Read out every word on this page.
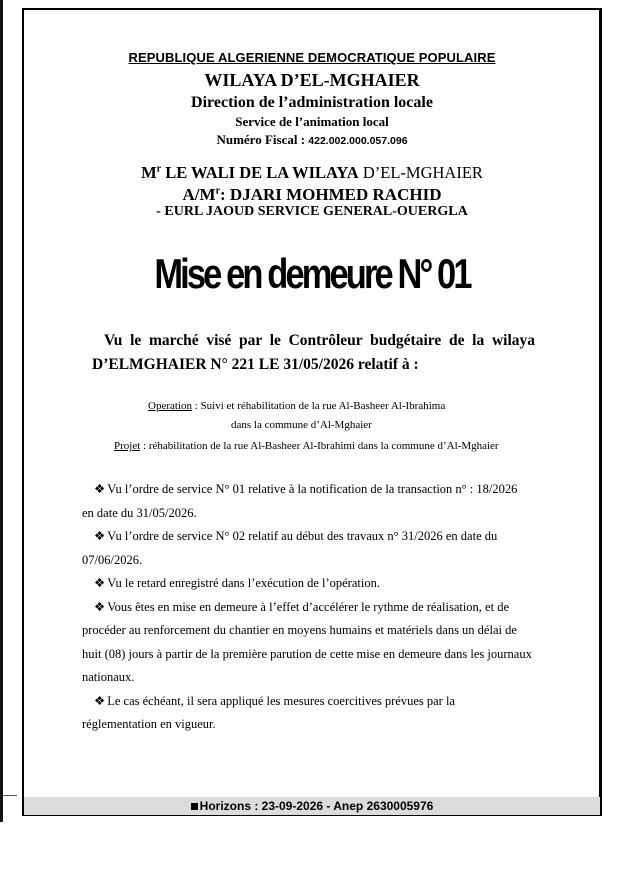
REPUBLIQUE ALGERIENNE DEMOCRATIQUE POPULAIRE
WILAYA D’EL-MGHAIER
Direction de l’administration locale
Service de l’animation local
Numéro Fiscal : 422.002.000.057.096
$M^r$ LE WALI DE LA WILAYA D’EL-MGHAIER
$A/M^r$: DJARI MOHMED RACHID
- EURL JAOUD SERVICE GENERAL-OUERGLA
Mise en demeure N° 01
Vu le marché visé par le Contrôleur budgétaire de la wilaya
D’ELMGHAIER N° 221 LE 31/05/2026 relatif à :
Operation : Suivi et réhabilitation de la rue Al-Basheer Al-Ibrahima
dans la commune d’Al-Mghaier
Projet : réhabilitation de la rue Al-Basheer Al-Ibrahimi dans la commune d’Al-Mghaier

❖ Vu l’ordre de service N° 01 relative à la notification de la transaction n° : 18/2026 en date du 31/05/2026.

❖ Vu l’ordre de service N° 02 relatif au début des travaux n° 31/2026 en date du 07/06/2026.

❖ Vu le retard enregistré dans l’exécution de l’opération.

❖ Vous êtes en mise en demeure à l’effet d’accélérer le rythme de réalisation, et de procéder au renforcement du chantier en moyens humains et matériels dans un délai de huit (08) jours à partir de la première parution de cette mise en demeure dans les journaux nationaux.

❖ Le cas échéant, il sera appliqué les mesures coercitives prévues par la réglementation en vigueur.

Horizons : 23-09-2026 - Anep 2630005976
